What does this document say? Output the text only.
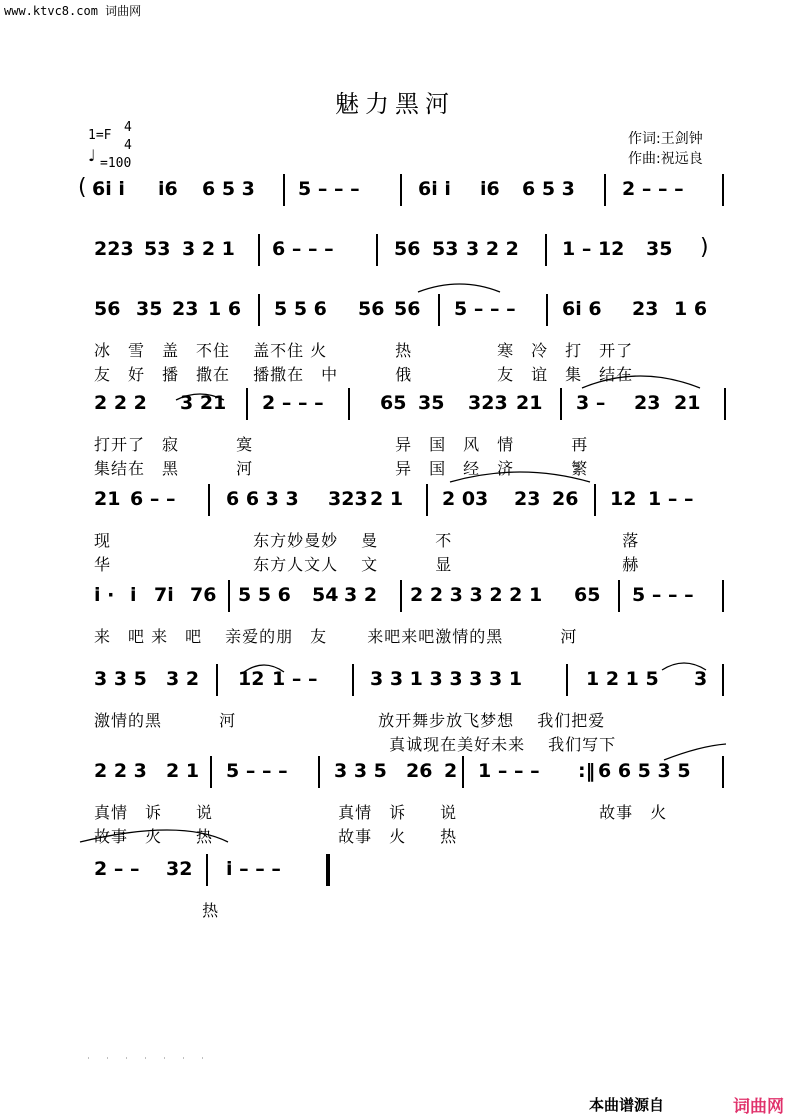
www.ktvc8.com 词曲网
魅力黑河
1=F
4
4
♩ =100
作词:王剑钟
作曲:祝远良
( 6i i i6 6 5 3 5 – – –	6i i i6 6 5 3 2 – – –
223 53 3 2 1 6 – – –	56 53 3 2 2 1 – 12 35 )
56 35 23 1 6 5 5 6 56 56 5 – – – 6i 6 23 1 6
冰　雪　盖　不住　 盖不住 火　　　　热　　　　　寒　冷　打　开了
友　好　播　撒在　 播撒在　中　　　 俄　　　　　友　谊　集　结在
2 2 2 3 21 2 – – –	65 35 323 21 3 – 23 21
打开了　寂　　　 寞　　　　　　　　 异　国　风　情　　　 再
集结在　黑　　　 河　　　　　　　　 异　国　经　济　　　 繁
21 6 – –	6 6 3 3 323 2 1 2 03 23 26 12 1 – –
现　　　　　　　　 东方妙曼妙　 曼　　　 不　　　　　　　　　　落
华　　　　　　　　 东方人文人　 文　　　 显　　　　　　　　　　赫
i · i 7i 76 5 5 6 54 3 2 2 2 3 3 2 2 1 65 5 – – –
来　吧 来　吧　 亲爱的朋　友　　 来吧来吧激情的黑　　　 河
3 3 5 3 2 12 1 – –	3 3 1 3 3 3 3 1	1 2 1 5 3
激情的黑　　　 河　　　　　　　　 放开舞步放飞梦想　 我们把爱
　　　　　　　　　　　　　　　　　 真诚现在美好未来　 我们写下
2 2 3 2 1 5 – – – 3 3 5 26 2 1 – – – :‖ 6 6 5 3 5
真情　诉　　说　　　　　　　 真情　诉　　说　　　　　　　　 故事　火
故事　火　　热　　　　　　　 故事　火　　热
2 – – 32 i – – –
　　　　　　 热
本曲谱源自	词曲网
